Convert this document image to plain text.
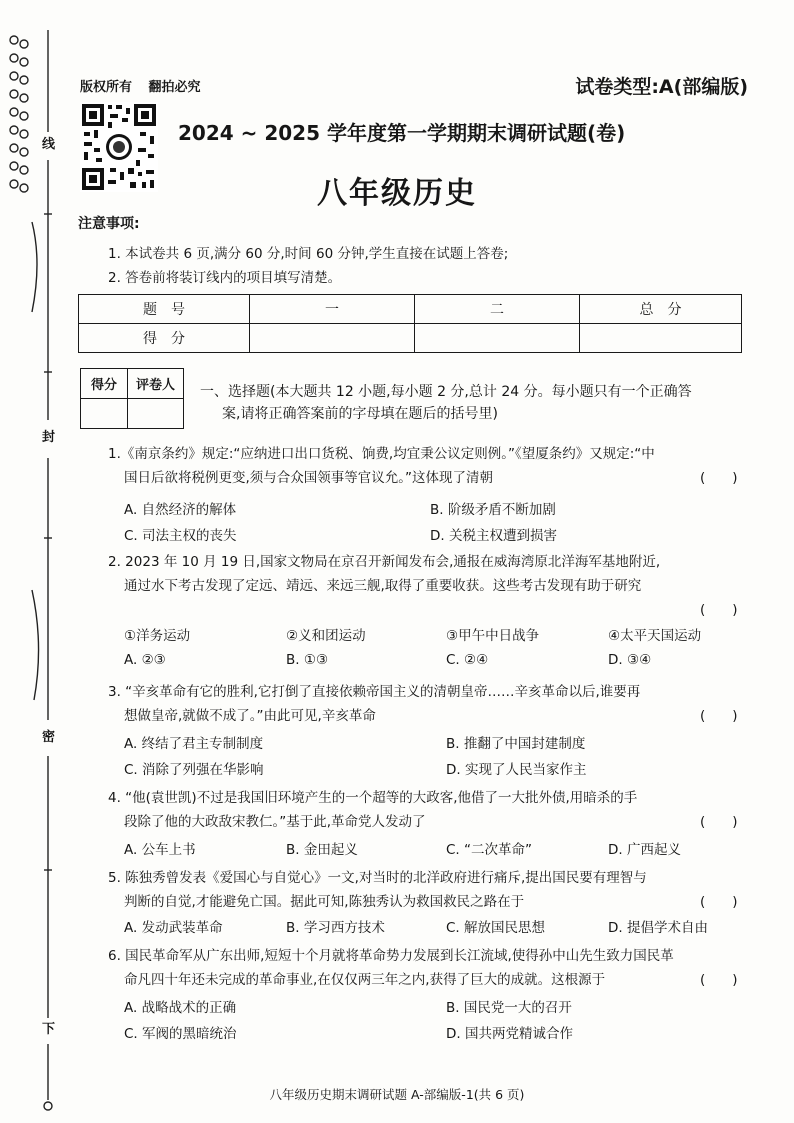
线
封
密
下
版权所有 翻拍必究	试卷类型:A(部编版)
2024 ~ 2025 学年度第一学期期末调研试题(卷)
八年级历史
注意事项:
1. 本试卷共 6 页,满分 60 分,时间 60 分钟,学生直接在试题上答卷;
2. 答卷前将装订线内的项目填写清楚。
题　号	一	二	总　分
得　分			
得分	评卷人
	一、选择题(本大题共 12 小题,每小题 2 分,总计 24 分。每小题只有一个正确答
案,请将正确答案前的字母填在题后的括号里)
1.《南京条约》规定:“应纳进口出口货税、饷费,均宜秉公议定则例。”《望厦条约》又规定:“中
国日后欲将税例更变,须与合众国领事等官议允。”这体现了清朝	(　　)
A. 自然经济的解体	B. 阶级矛盾不断加剧
C. 司法主权的丧失	D. 关税主权遭到损害
2. 2023 年 10 月 19 日,国家文物局在京召开新闻发布会,通报在威海湾原北洋海军基地附近,
通过水下考古发现了定远、靖远、来远三舰,取得了重要收获。这些考古发现有助于研究
(　　)
①洋务运动	②义和团运动	③甲午中日战争	④太平天国运动
A. ②③	B. ①③	C. ②④	D. ③④
3. “辛亥革命有它的胜利,它打倒了直接依赖帝国主义的清朝皇帝……辛亥革命以后,谁要再
想做皇帝,就做不成了。”由此可见,辛亥革命	(　　)
A. 终结了君主专制制度	B. 推翻了中国封建制度
C. 消除了列强在华影响	D. 实现了人民当家作主
4. “他(袁世凯)不过是我国旧环境产生的一个超等的大政客,他借了一大批外债,用暗杀的手
段除了他的大政敌宋教仁。”基于此,革命党人发动了	(　　)
A. 公车上书	B. 金田起义	C. “二次革命”	D. 广西起义
5. 陈独秀曾发表《爱国心与自觉心》一文,对当时的北洋政府进行痛斥,提出国民要有理智与
判断的自觉,才能避免亡国。据此可知,陈独秀认为救国救民之路在于	(　　)
A. 发动武装革命	B. 学习西方技术	C. 解放国民思想	D. 提倡学术自由
6. 国民革命军从广东出师,短短十个月就将革命势力发展到长江流域,使得孙中山先生致力国民革
命凡四十年还未完成的革命事业,在仅仅两三年之内,获得了巨大的成就。这根源于	(　　)
A. 战略战术的正确	B. 国民党一大的召开
C. 军阀的黑暗统治	D. 国共两党精诚合作
八年级历史期末调研试题 A-部编版-1(共 6 页)
